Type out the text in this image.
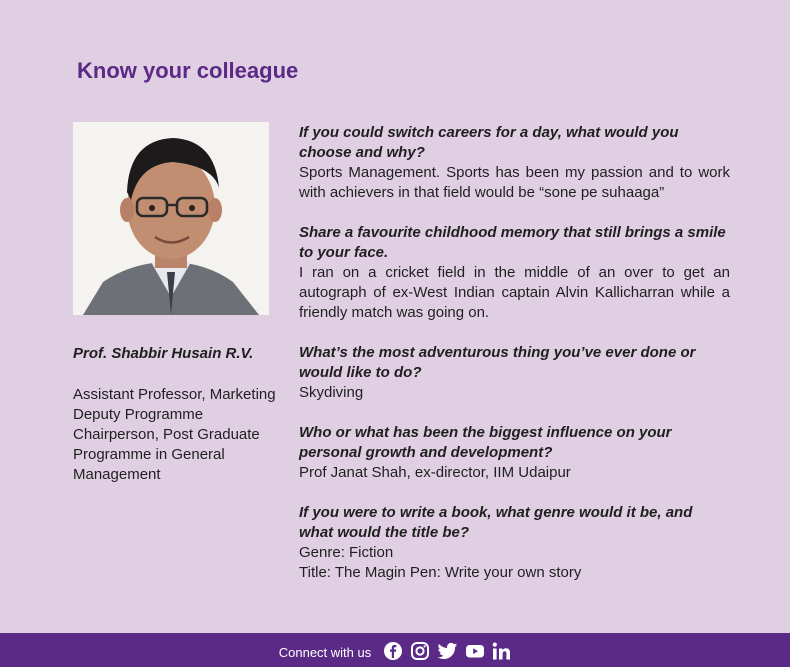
Know your colleague

Prof. Shabbir Husain R.V.

Assistant Professor, Marketing Deputy Programme Chairperson, Post Graduate Programme in General Management

If you could switch careers for a day, what would you choose and why?

Sports Management. Sports has been my passion and to work with achievers in that field would be “sone pe suhaaga”

Share a favourite childhood memory that still brings a smile to your face.

I ran on a cricket field in the middle of an over to get an autograph of ex-West Indian captain Alvin Kallicharran while a friendly match was going on.

What’s the most adventurous thing you’ve ever done or would like to do?

Skydiving

Who or what has been the biggest influence on your personal growth and development?

Prof Janat Shah, ex-director, IIM Udaipur

If you were to write a book, what genre would it be, and what would the title be?

Genre: Fiction
Title: The Magin Pen: Write your own story

Connect with us
